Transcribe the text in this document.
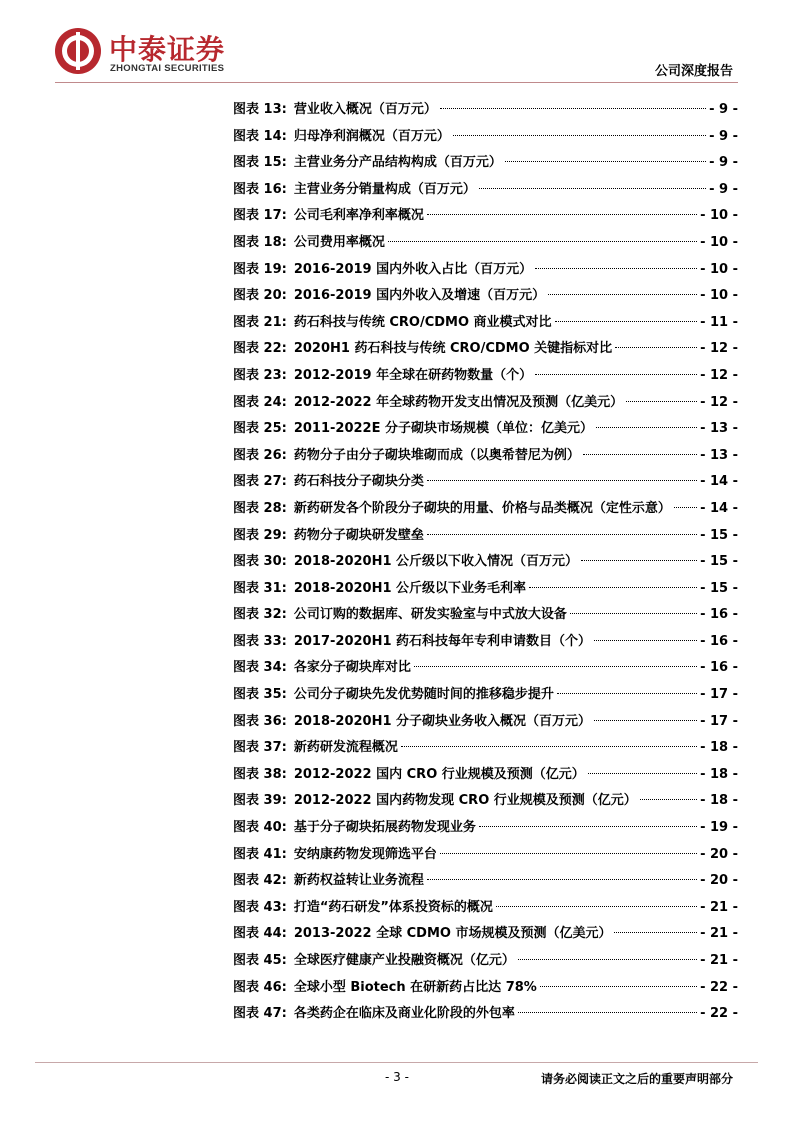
中泰证券
ZHONGTAI SECURITIES	公司深度报告
图表 13: 营业收入概况（百万元）	- 9 -
图表 14: 归母净利润概况（百万元）	- 9 -
图表 15: 主营业务分产品结构构成（百万元）	- 9 -
图表 16: 主营业务分销量构成（百万元）	- 9 -
图表 17: 公司毛利率净利率概况	- 10 -
图表 18: 公司费用率概况	- 10 -
图表 19: 2016-2019 国内外收入占比（百万元）	- 10 -
图表 20: 2016-2019 国内外收入及增速（百万元）	- 10 -
图表 21: 药石科技与传统 CRO/CDMO 商业模式对比	- 11 -
图表 22: 2020H1 药石科技与传统 CRO/CDMO 关键指标对比	- 12 -
图表 23: 2012-2019 年全球在研药物数量（个）	- 12 -
图表 24: 2012-2022 年全球药物开发支出情况及预测（亿美元）	- 12 -
图表 25: 2011-2022E 分子砌块市场规模（单位：亿美元）	- 13 -
图表 26: 药物分子由分子砌块堆砌而成（以奥希替尼为例）	- 13 -
图表 27: 药石科技分子砌块分类	- 14 -
图表 28: 新药研发各个阶段分子砌块的用量、价格与品类概况（定性示意） - 14 -
图表 29: 药物分子砌块研发壁垒	- 15 -
图表 30: 2018-2020H1 公斤级以下收入情况（百万元）	- 15 -
图表 31: 2018-2020H1 公斤级以下业务毛利率	- 15 -
图表 32: 公司订购的数据库、研发实验室与中式放大设备	- 16 -
图表 33: 2017-2020H1 药石科技每年专利申请数目（个）	- 16 -
图表 34: 各家分子砌块库对比	- 16 -
图表 35: 公司分子砌块先发优势随时间的推移稳步提升	- 17 -
图表 36: 2018-2020H1 分子砌块业务收入概况（百万元）	- 17 -
图表 37: 新药研发流程概况	- 18 -
图表 38: 2012-2022 国内 CRO 行业规模及预测（亿元）	- 18 -
图表 39: 2012-2022 国内药物发现 CRO 行业规模及预测（亿元）	- 18 -
图表 40: 基于分子砌块拓展药物发现业务	- 19 -
图表 41: 安纳康药物发现筛选平台	- 20 -
图表 42: 新药权益转让业务流程	- 20 -
图表 43: 打造“药石研发”体系投资标的概况	- 21 -
图表 44: 2013-2022 全球 CDMO 市场规模及预测（亿美元）	- 21 -
图表 45: 全球医疗健康产业投融资概况（亿元）	- 21 -
图表 46: 全球小型 Biotech 在研新药占比达 78%	- 22 -
图表 47: 各类药企在临床及商业化阶段的外包率	- 22 -
- 3 -	请务必阅读正文之后的重要声明部分
